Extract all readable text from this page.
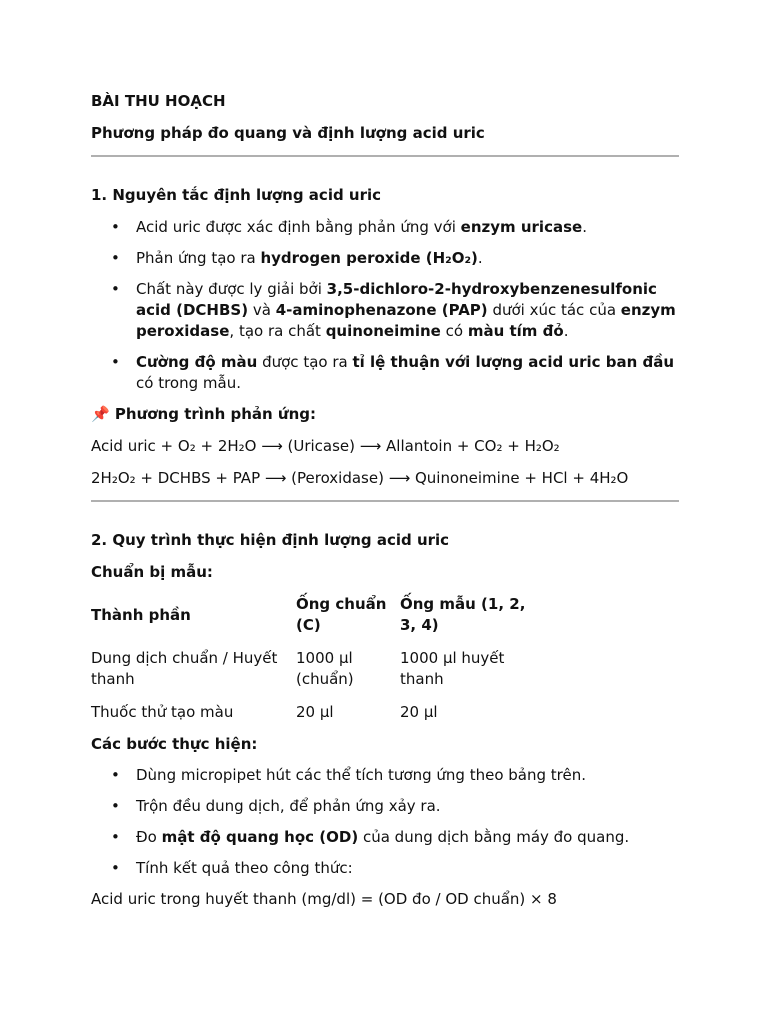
BÀI THU HOẠCH
Phương pháp đo quang và định lượng acid uric
1. Nguyên tắc định lượng acid uric
• Acid uric được xác định bằng phản ứng với enzym uricase.
• Phản ứng tạo ra hydrogen peroxide (H₂O₂).
• Chất này được ly giải bởi 3,5-dichloro-2-hydroxybenzenesulfonic acid (DCHBS) và 4-aminophenazone (PAP) dưới xúc tác của enzym peroxidase, tạo ra chất quinoneimine có màu tím đỏ.
• Cường độ màu được tạo ra tỉ lệ thuận với lượng acid uric ban đầu có trong mẫu.
📌 Phương trình phản ứng:
Acid uric + O₂ + 2H₂O ⟶ (Uricase) ⟶ Allantoin + CO₂ + H₂O₂
2H₂O₂ + DCHBS + PAP ⟶ (Peroxidase) ⟶ Quinoneimine + HCl + 4H₂O
2. Quy trình thực hiện định lượng acid uric
Chuẩn bị mẫu:
Thành phần
Ống chuẩn (C)
Ống mẫu (1, 2, 3, 4)
Dung dịch chuẩn / Huyết thanh
1000 µl (chuẩn)
1000 µl huyết thanh
Thuốc thử tạo màu	20 µl	20 µl
Các bước thực hiện:
• Dùng micropipet hút các thể tích tương ứng theo bảng trên.
• Trộn đều dung dịch, để phản ứng xảy ra.
• Đo mật độ quang học (OD) của dung dịch bằng máy đo quang.
• Tính kết quả theo công thức:
Acid uric trong huyết thanh (mg/dl) = (OD đo / OD chuẩn) × 8
